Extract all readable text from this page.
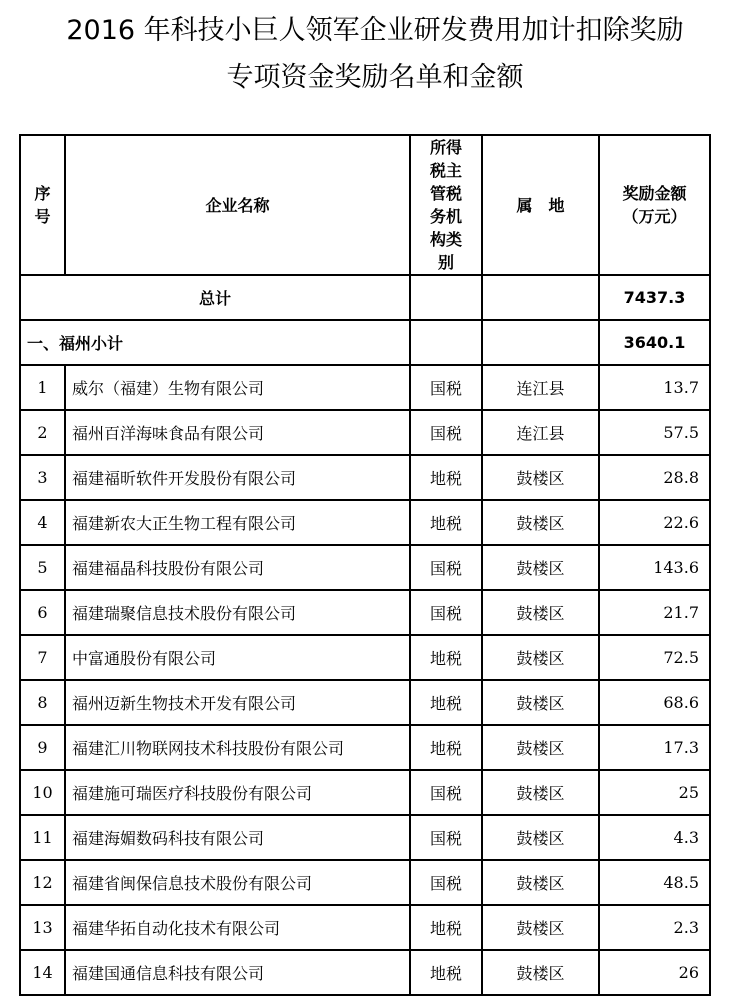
2016 年科技小巨人领军企业研发费用加计扣除奖励
专项资金奖励名单和金额
序号	企业名称	所得税主管税务机构类别	属　地	奖励金额（万元）
总计				7437.3
一、福州小计				3640.1
1	威尔（福建）生物有限公司	国税	连江县	13.7
2	福州百洋海味食品有限公司	国税	连江县	57.5
3	福建福昕软件开发股份有限公司	地税	鼓楼区	28.8
4	福建新农大正生物工程有限公司	地税	鼓楼区	22.6
5	福建福晶科技股份有限公司	国税	鼓楼区	143.6
6	福建瑞聚信息技术股份有限公司	国税	鼓楼区	21.7
7	中富通股份有限公司	地税	鼓楼区	72.5
8	福州迈新生物技术开发有限公司	地税	鼓楼区	68.6
9	福建汇川物联网技术科技股份有限公司	地税	鼓楼区	17.3
10	福建施可瑞医疗科技股份有限公司	国税	鼓楼区	25
11	福建海媚数码科技有限公司	国税	鼓楼区	4.3
12	福建省闽保信息技术股份有限公司	国税	鼓楼区	48.5
13	福建华拓自动化技术有限公司	地税	鼓楼区	2.3
14	福建国通信息科技有限公司	地税	鼓楼区	26
